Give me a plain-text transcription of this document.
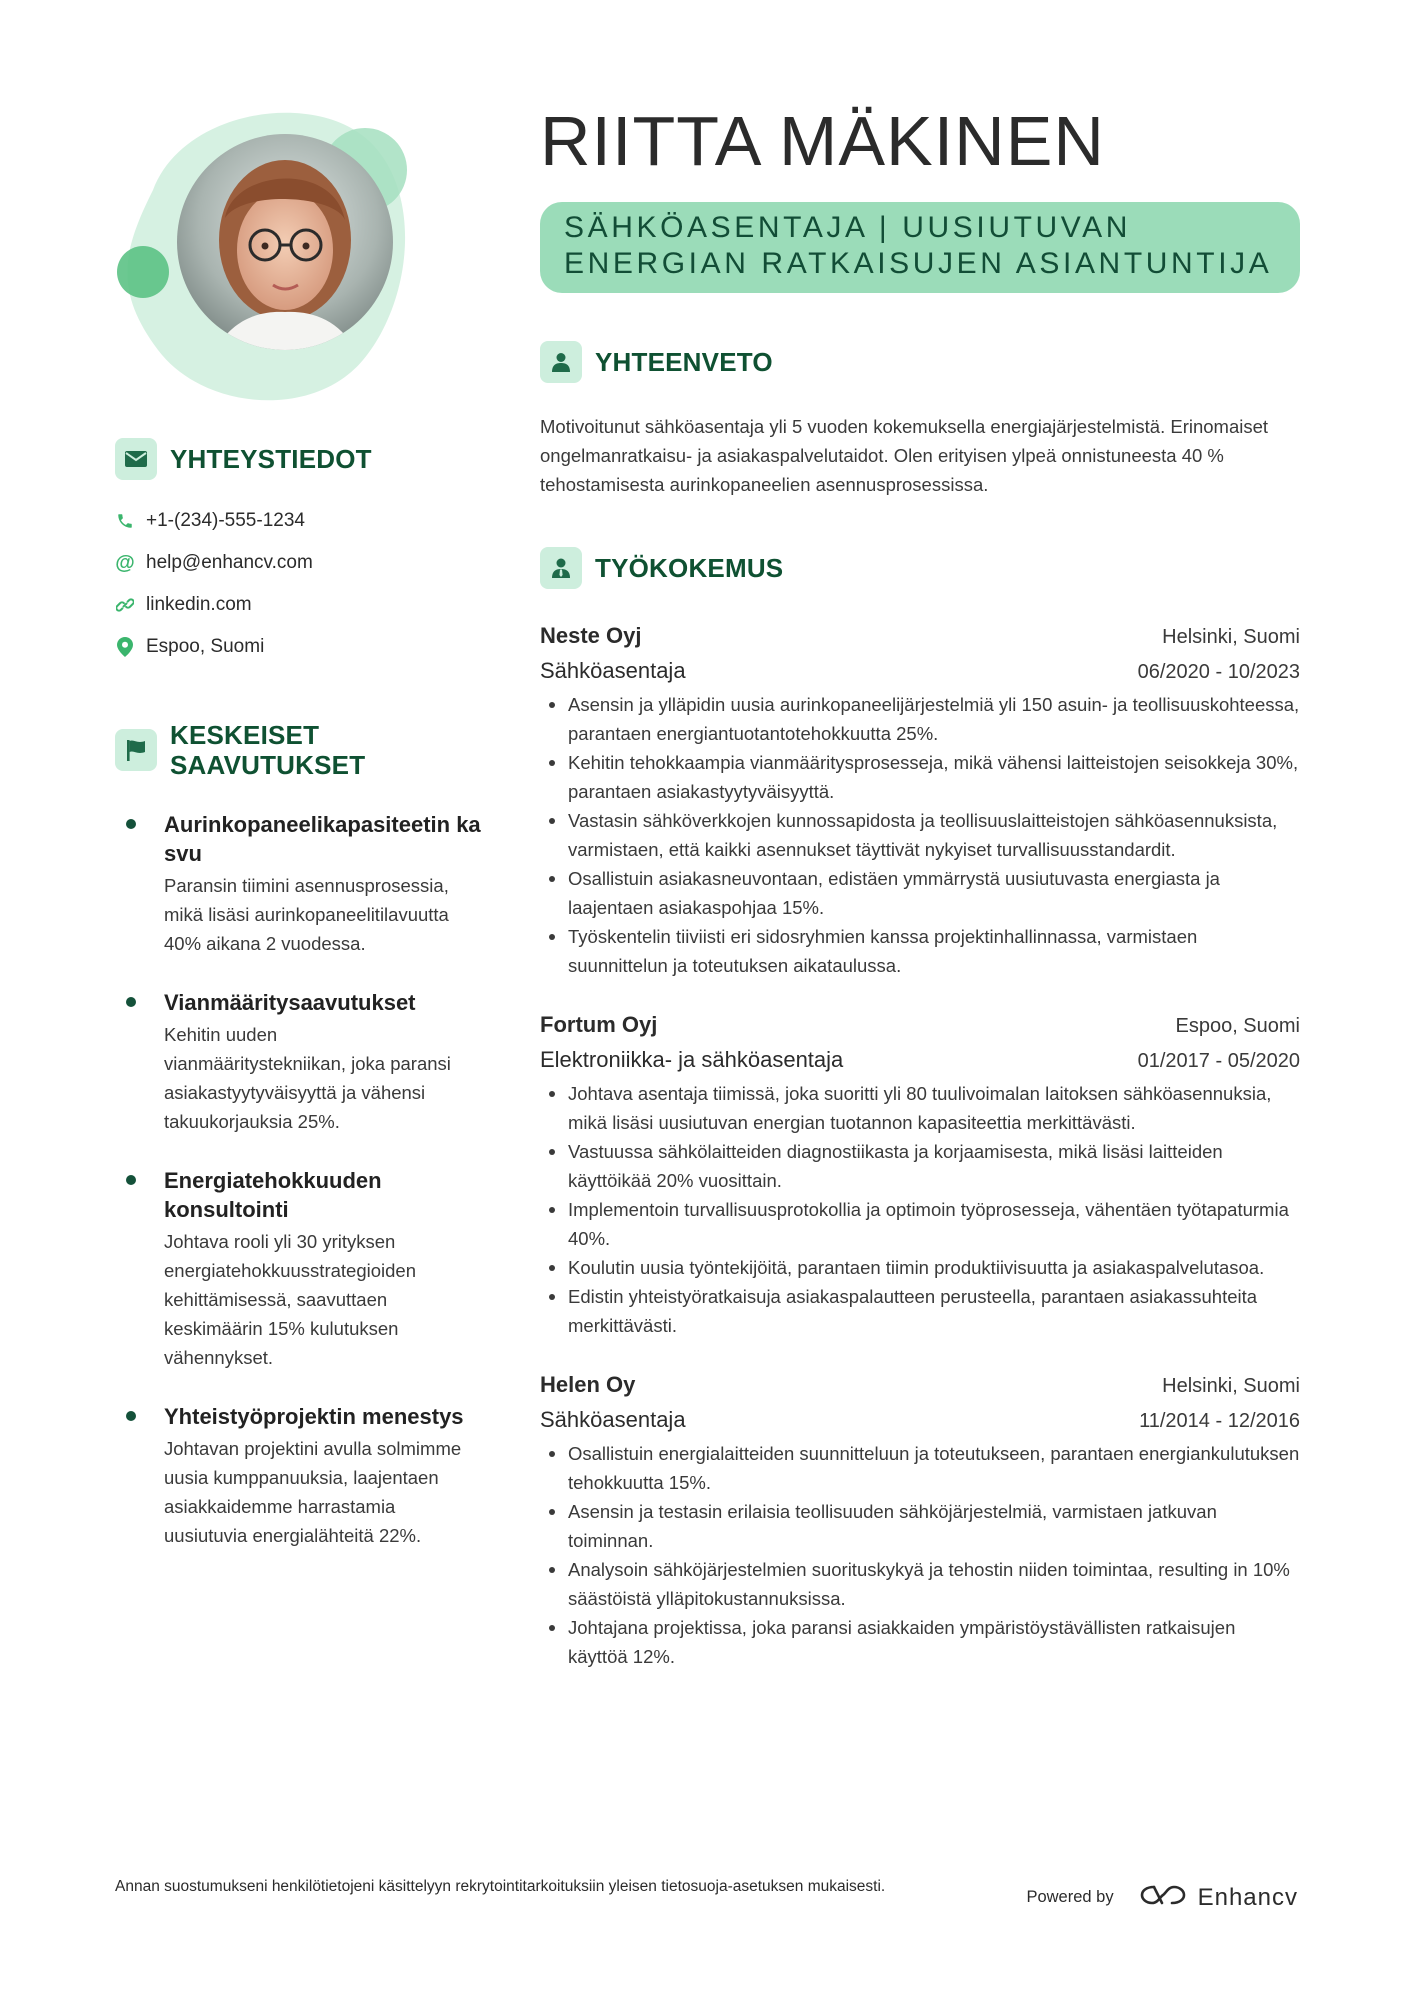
YHTEYSTIEDOT
+1-(234)-555-1234
@ help@enhancv.com
linkedin.com
Espoo, Suomi
KESKEISET SAAVUTUKSET
Aurinkopaneelikapasiteetin kasvu
Paransin tiimini asennusprosessia, mikä lisäsi aurinkopaneelitilavuutta 40% aikana 2 vuodessa.
Vianmääritysaavutukset
Kehitin uuden vianmääritystekniikan, joka paransi asiakastyytyväisyyttä ja vähensi takuukorjauksia 25%.
Energiatehokkuuden konsultointi
Johtava rooli yli 30 yrityksen energiatehokkuusstrategioiden kehittämisessä, saavuttaen keskimäärin 15% kulutuksen vähennykset.
Yhteistyöprojektin menestys
Johtavan projektini avulla solmimme uusia kumppanuuksia, laajentaen asiakkaidemme harrastamia uusiutuvia energialähteitä 22%.
RIITTA MÄKINEN
SÄHKÖASENTAJA | UUSIUTUVAN ENERGIAN RATKAISUJEN ASIANTUNTIJA
YHTEENVETO

Motivoitunut sähköasentaja yli 5 vuoden kokemuksella energiajärjestelmistä. Erinomaiset ongelmanratkaisu- ja asiakaspalvelutaidot. Olen erityisen ylpeä onnistuneesta 40 % tehostamisesta aurinkopaneelien asennusprosessissa.

TYÖKOKEMUS
Neste Oyj	Helsinki, Suomi
Sähköasentaja	06/2020 - 10/2023
Asensin ja ylläpidin uusia aurinkopaneelijärjestelmiä yli 150 asuin- ja teollisuuskohteessa, parantaen energiantuotantotehokkuutta 25%.
Kehitin tehokkaampia vianmääritysprosesseja, mikä vähensi laitteistojen seisokkeja 30%, parantaen asiakastyytyväisyyttä.
Vastasin sähköverkkojen kunnossapidosta ja teollisuuslaitteistojen sähköasennuksista, varmistaen, että kaikki asennukset täyttivät nykyiset turvallisuusstandardit.
Osallistuin asiakasneuvontaan, edistäen ymmärrystä uusiutuvasta energiasta ja laajentaen asiakaspohjaa 15%.
Työskentelin tiiviisti eri sidosryhmien kanssa projektinhallinnassa, varmistaen suunnittelun ja toteutuksen aikataulussa.
Fortum Oyj	Espoo, Suomi
Elektroniikka- ja sähköasentaja	01/2017 - 05/2020
Johtava asentaja tiimissä, joka suoritti yli 80 tuulivoimalan laitoksen sähköasennuksia, mikä lisäsi uusiutuvan energian tuotannon kapasiteettia merkittävästi.
Vastuussa sähkölaitteiden diagnostiikasta ja korjaamisesta, mikä lisäsi laitteiden käyttöikää 20% vuosittain.
Implementoin turvallisuusprotokollia ja optimoin työprosesseja, vähentäen työtapaturmia 40%.
Koulutin uusia työntekijöitä, parantaen tiimin produktiivisuutta ja asiakaspalvelutasoa.
Edistin yhteistyöratkaisuja asiakaspalautteen perusteella, parantaen asiakassuhteita merkittävästi.
Helen Oy	Helsinki, Suomi
Sähköasentaja	11/2014 - 12/2016
Osallistuin energialaitteiden suunnitteluun ja toteutukseen, parantaen energiankulutuksen tehokkuutta 15%.
Asensin ja testasin erilaisia teollisuuden sähköjärjestelmiä, varmistaen jatkuvan toiminnan.
Analysoin sähköjärjestelmien suorituskykyä ja tehostin niiden toimintaa, resulting in 10% säästöistä ylläpitokustannuksissa.
Johtajana projektissa, joka paransi asiakkaiden ympäristöystävällisten ratkaisujen käyttöä 12%.

Annan suostumukseni henkilötietojeni käsittelyyn rekrytointitarkoituksiin yleisen tietosuoja-asetuksen mukaisesti.

Powered by	Enhancv
